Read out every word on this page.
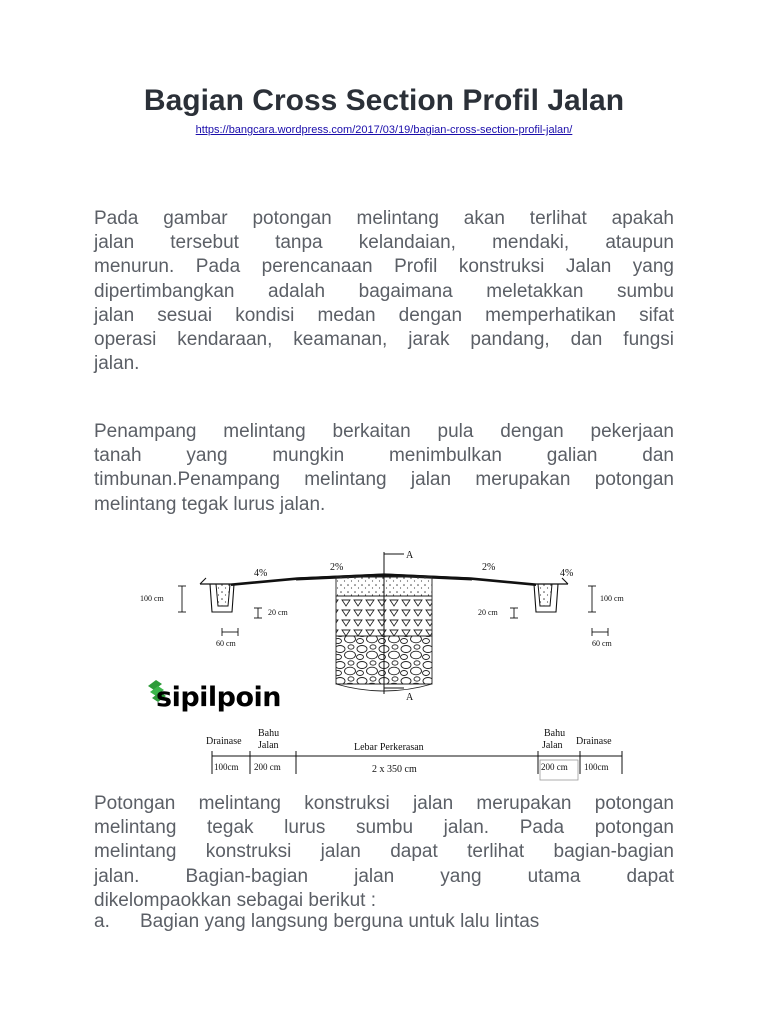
Bagian Cross Section Profil Jalan
https://bangcara.wordpress.com/2017/03/19/bagian-cross-section-profil-jalan/

Pada gambar potongan melintang akan terlihat apakah
jalan tersebut tanpa kelandaian, mendaki, ataupun
menurun. Pada perencanaan Profil konstruksi Jalan yang
dipertimbangkan adalah bagaimana meletakkan sumbu
jalan sesuai kondisi medan dengan memperhatikan sifat
operasi kendaraan, keamanan, jarak pandang, dan fungsi
jalan.

Penampang melintang berkaitan pula dengan pekerjaan
tanah yang mungkin menimbulkan galian dan
timbunan.Penampang melintang jalan merupakan potongan
melintang tegak lurus jalan.

A
A
100 cm
20 cm
60 cm
4%
2%
100 cm
20 cm
60 cm
2%
4%
Drainase
Bahu
Jalan
Bahu
Jalan Drainase
Lebar Perkerasan
100cm 200 cm	2 x 350 cm	200 cm 100cm
sipilpoin

Potongan melintang konstruksi jalan merupakan potongan
melintang tegak lurus sumbu jalan. Pada potongan
melintang konstruksi jalan dapat terlihat bagian-bagian
jalan. Bagian-bagian jalan yang utama dapat
dikelompaokkan sebagai berikut :

a. Bagian yang langsung berguna untuk lalu lintas
